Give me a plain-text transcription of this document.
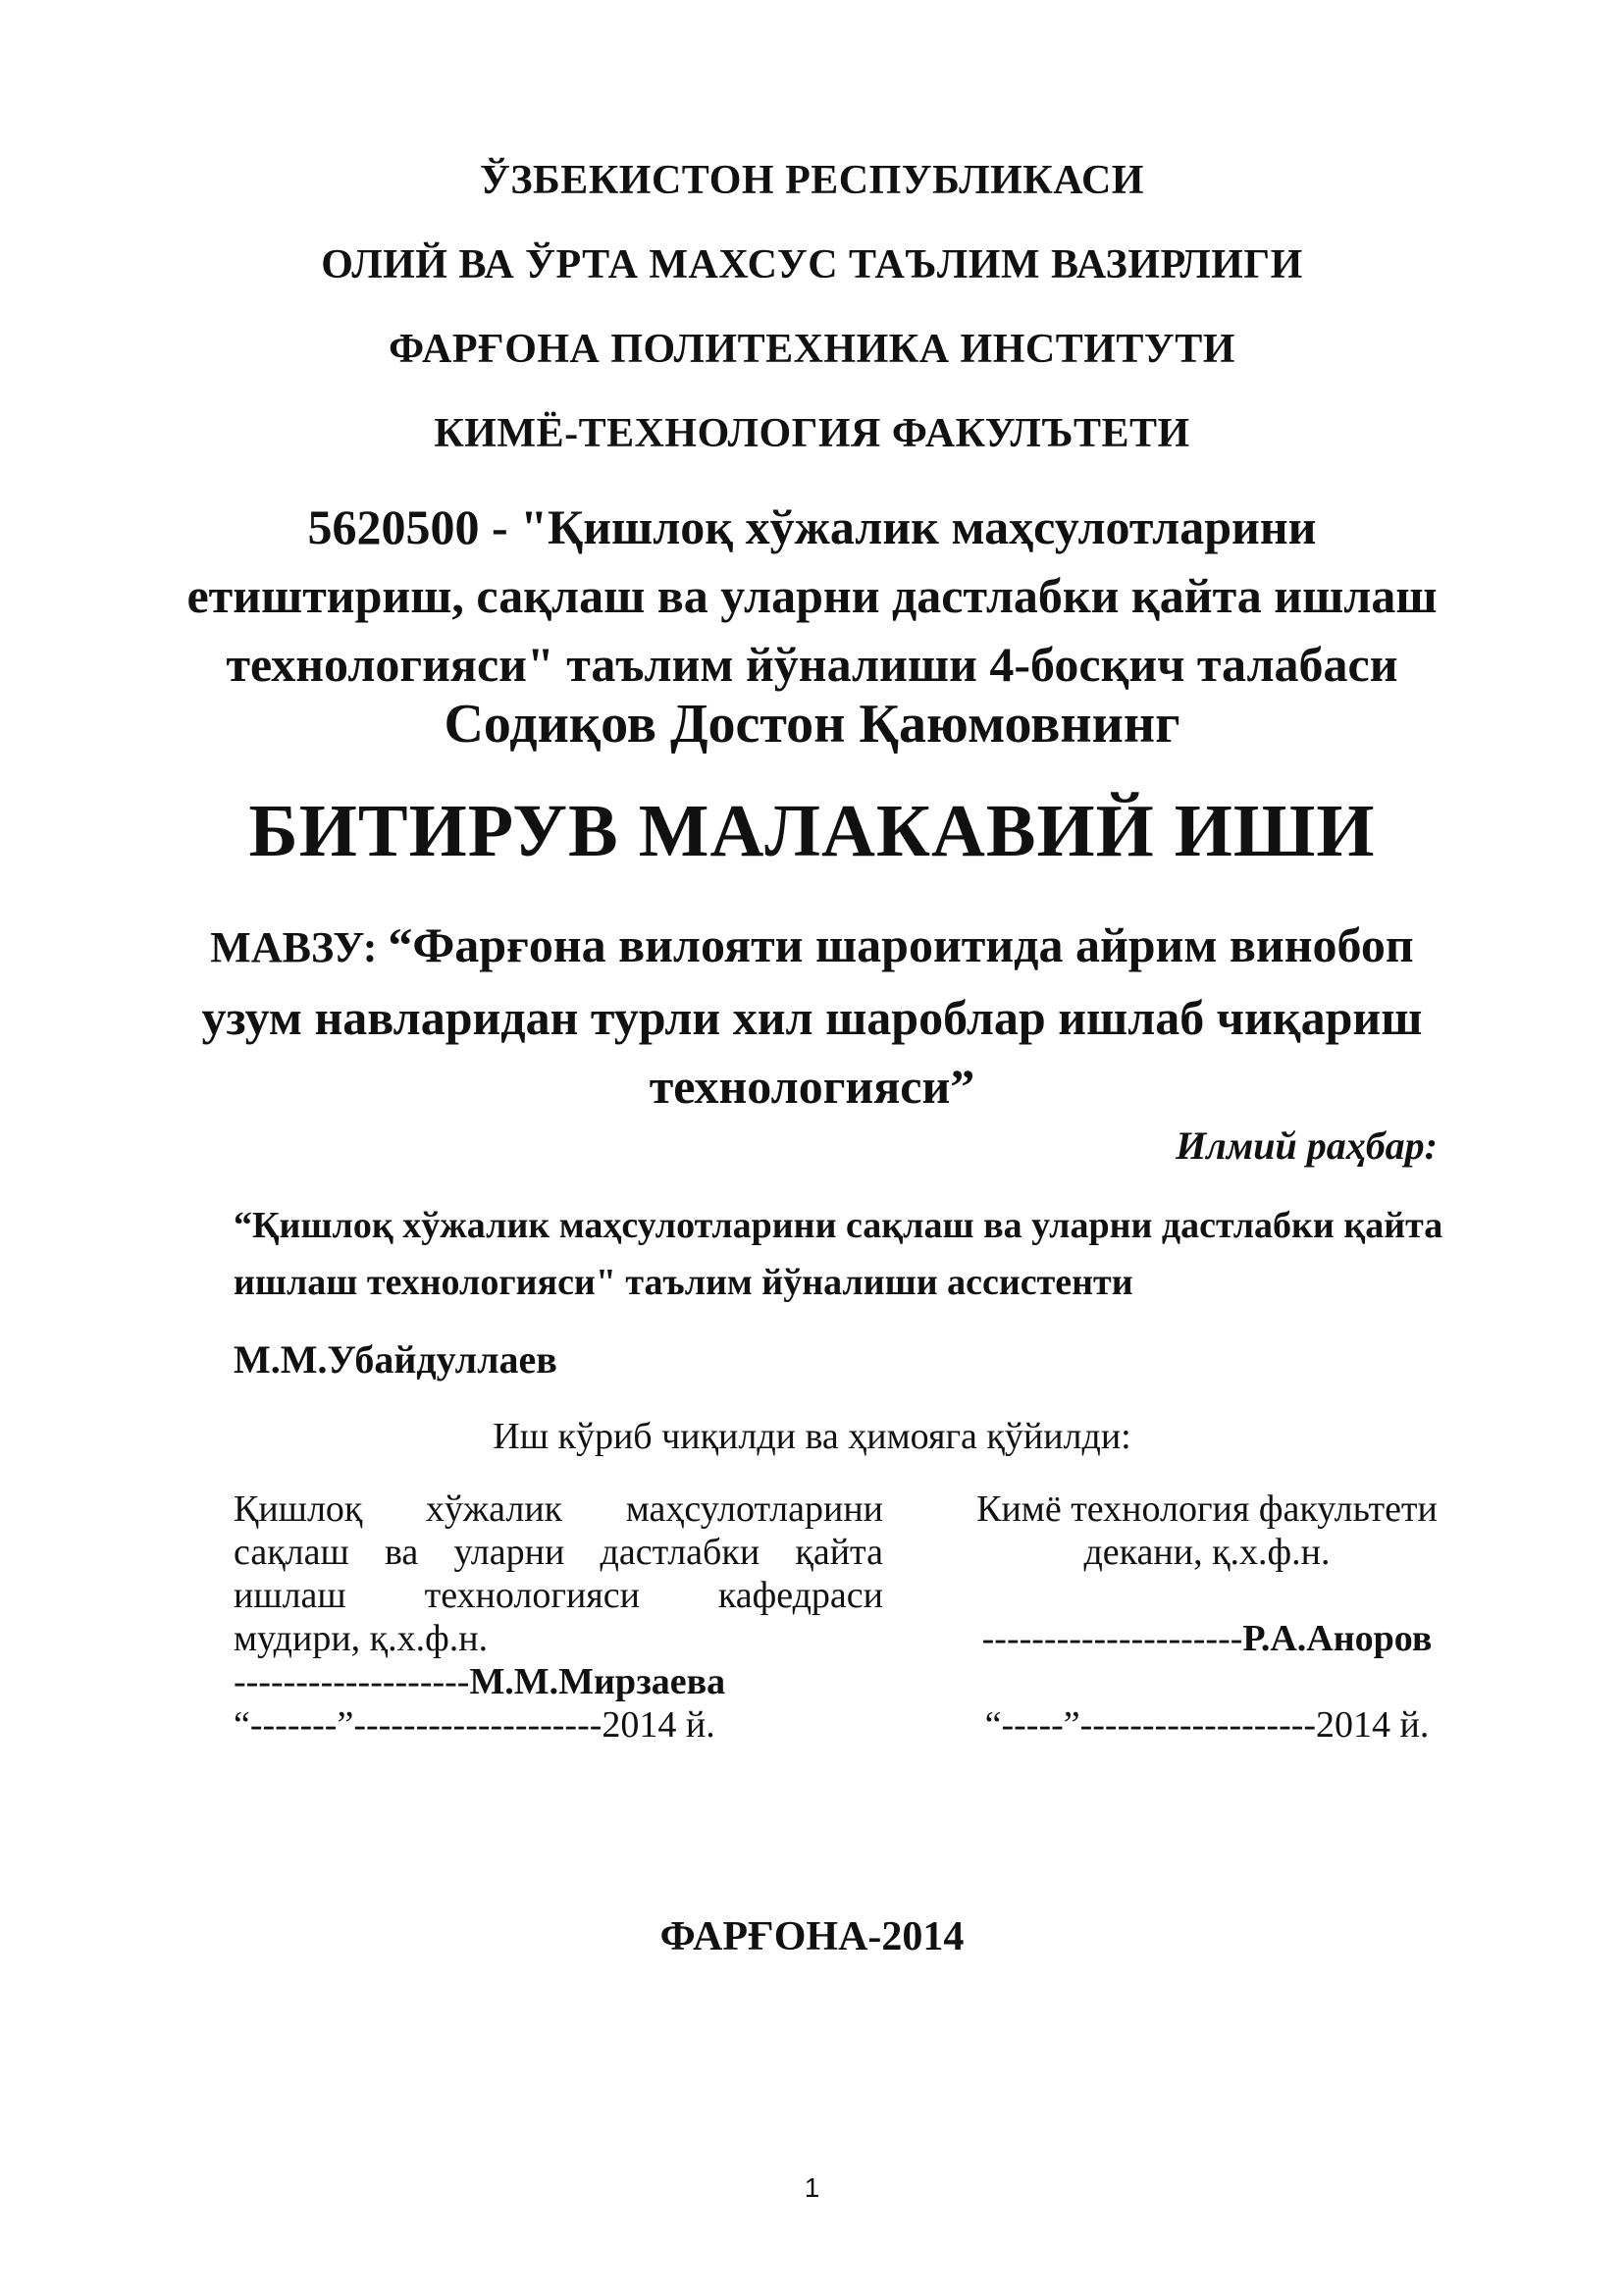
ЎЗБЕКИСТОН РЕСПУБЛИКАСИ
ОЛИЙ ВА ЎРТА МАХСУС ТАЪЛИМ ВАЗИРЛИГИ
ФАРҒОНА ПОЛИТЕХНИКА ИНСТИТУТИ
КИМЁ-ТЕХНОЛОГИЯ ФАКУЛЪТЕТИ
5620500 - "Қишлоқ хўжалик маҳсулотларини
етиштириш, сақлаш ва уларни дастлабки қайта ишлаш
технологияси" таълим йўналиши 4-босқич талабаси
Содиқов Достон Қаюмовнинг
БИТИРУВ МАЛАКАВИЙ ИШИ
МАВЗУ: “Фарғона вилояти шароитида айрим винобоп
узум навларидан турли хил шароблар ишлаб чиқариш
технологияси”
Илмий раҳбар:
“Қишлоқ хўжалик маҳсулотларини сақлаш ва уларни дастлабки қайта
ишлаш технологияси" таълим йўналиши ассистенти
М.М.Убайдуллаев
Иш кўриб чиқилди ва ҳимояга қўйилди:
Қишлоқ хўжалик маҳсулотларини
сақлаш ва уларни дастлабки қайта
ишлаш технологияси кафедраси
мудири, қ.х.ф.н.
-------------------М.М.Мирзаева
“-------”--------------------2014 й.
Кимё технология факультети
декани, қ.х.ф.н.
---------------------Р.А.Аноров
“-----”-------------------2014 й.
ФАРҒОНА-2014
1
